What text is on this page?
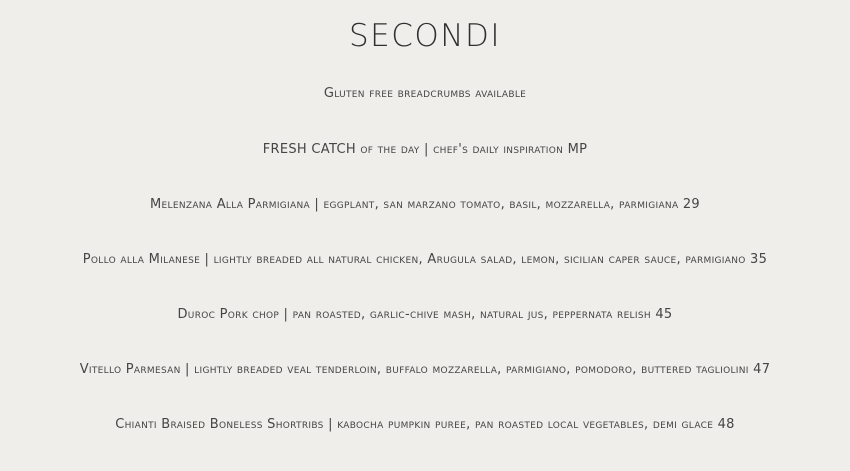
SECONDI
Gluten free breadcrumbs available
FRESH CATCH of the day | chef's daily inspiration MP
Melenzana Alla Parmigiana | eggplant, san marzano tomato, basil, mozzarella, parmigiana 29
Pollo alla Milanese | lightly breaded all natural chicken, Arugula salad, lemon, sicilian caper sauce, parmigiano 35
Duroc Pork chop | pan roasted, garlic-chive mash, natural jus, peppernata relish 45
Vitello Parmesan | lightly breaded veal tenderloin, buffalo mozzarella, parmigiano, pomodoro, buttered tagliolini 47
Chianti Braised Boneless Shortribs | kabocha pumpkin puree, pan roasted local vegetables, demi glace 48
